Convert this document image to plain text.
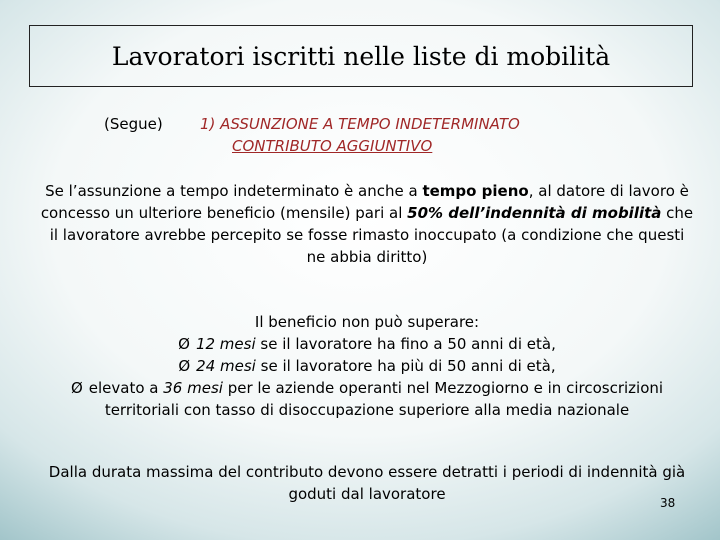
Lavoratori iscritti nelle liste di mobilità
(Segue) 1) ASSUNZIONE A TEMPO INDETERMINATO
CONTRIBUTO AGGIUNTIVO

Se l’assunzione a tempo indeterminato è anche a tempo pieno, al datore di lavoro è concesso un ulteriore beneficio (mensile) pari al 50% dell’indennità di mobilità che il lavoratore avrebbe percepito se fosse rimasto inoccupato (a condizione che questi ne abbia diritto)

Il beneficio non può superare:
Ø 12 mesi se il lavoratore ha fino a 50 anni di età,
Ø 24 mesi se il lavoratore ha più di 50 anni di età,
Ø elevato a 36 mesi per le aziende operanti nel Mezzogiorno e in circoscrizioni territoriali con tasso di disoccupazione superiore alla media nazionale

Dalla durata massima del contributo devono essere detratti i periodi di indennità già goduti dal lavoratore	38
